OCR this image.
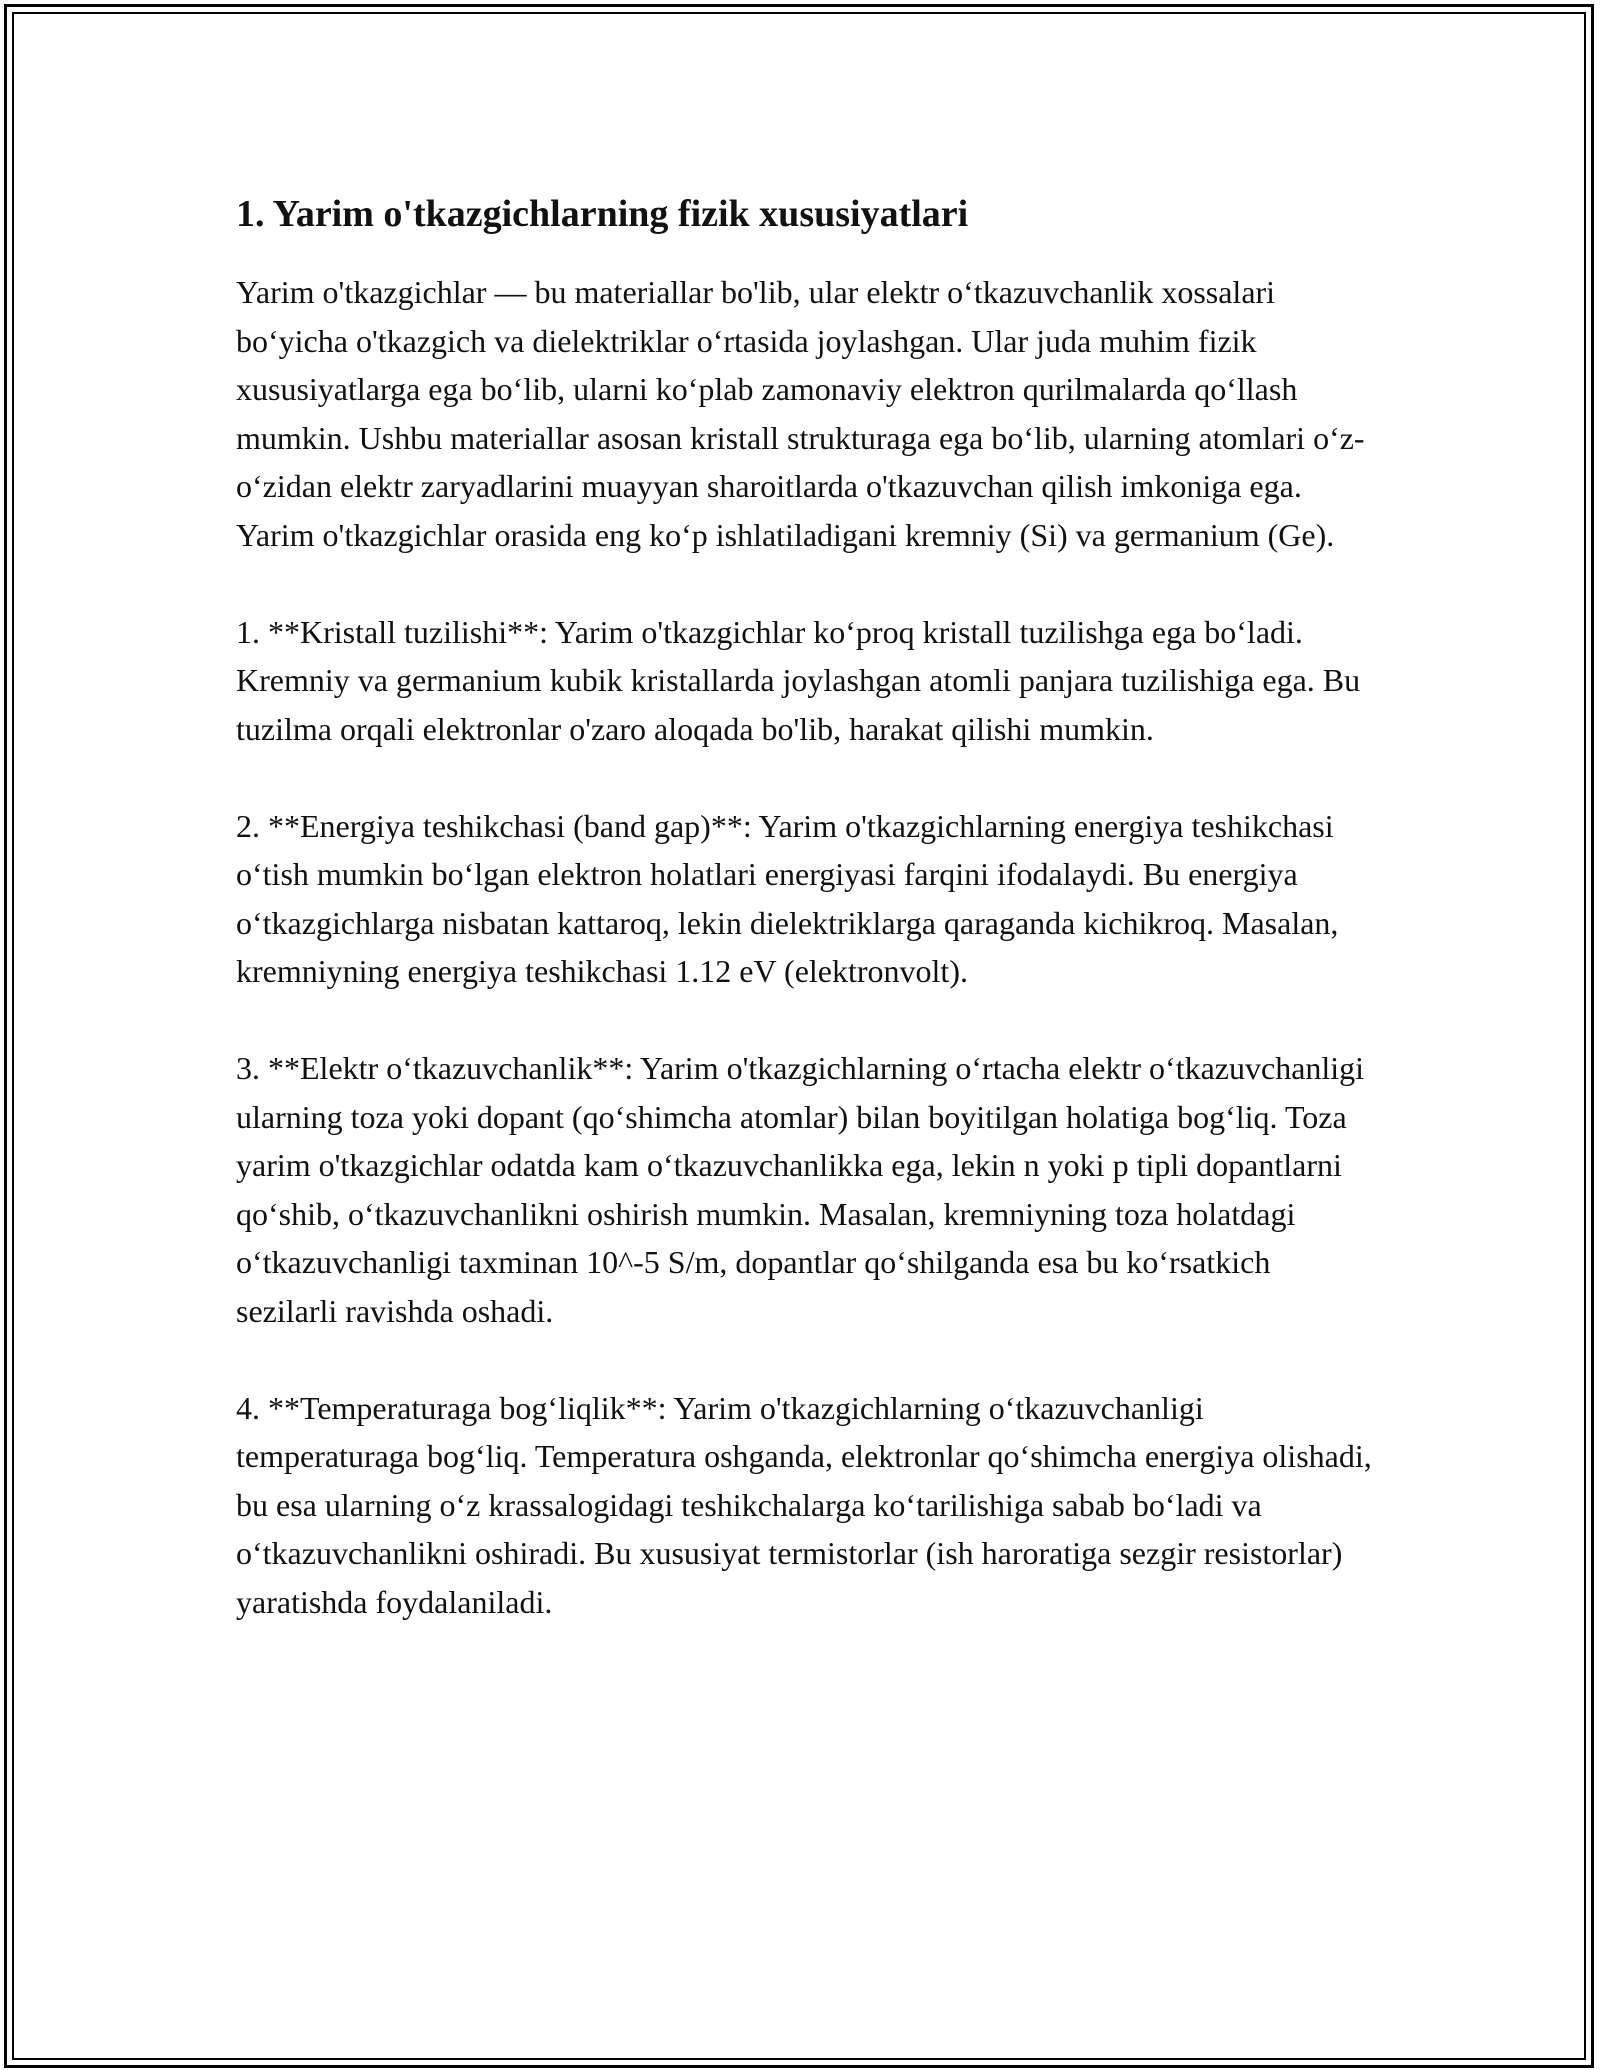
1. Yarim o'tkazgichlarning fizik xususiyatlari

Yarim o'tkazgichlar — bu materiallar bo'lib, ular elektr o‘tkazuvchanlik xossalari bo‘yicha o'tkazgich va dielektriklar o‘rtasida joylashgan. Ular juda muhim fizik xususiyatlarga ega bo‘lib, ularni ko‘plab zamonaviy elektron qurilmalarda qo‘llash mumkin. Ushbu materiallar asosan kristall strukturaga ega bo‘lib, ularning atomlari o‘z-o‘zidan elektr zaryadlarini muayyan sharoitlarda o'tkazuvchan qilish imkoniga ega. Yarim o'tkazgichlar orasida eng ko‘p ishlatiladigani kremniy (Si) va germanium (Ge).

1. **Kristall tuzilishi**: Yarim o'tkazgichlar ko‘proq kristall tuzilishga ega bo‘ladi. Kremniy va germanium kubik kristallarda joylashgan atomli panjara tuzilishiga ega. Bu tuzilma orqali elektronlar o'zaro aloqada bo'lib, harakat qilishi mumkin.

2. **Energiya teshikchasi (band gap)**: Yarim o'tkazgichlarning energiya teshikchasi o‘tish mumkin bo‘lgan elektron holatlari energiyasi farqini ifodalaydi. Bu energiya o‘tkazgichlarga nisbatan kattaroq, lekin dielektriklarga qaraganda kichikroq. Masalan, kremniyning energiya teshikchasi 1.12 eV (elektronvolt).

3. **Elektr o‘tkazuvchanlik**: Yarim o'tkazgichlarning o‘rtacha elektr o‘tkazuvchanligi ularning toza yoki dopant (qo‘shimcha atomlar) bilan boyitilgan holatiga bog‘liq. Toza yarim o'tkazgichlar odatda kam o‘tkazuvchanlikka ega, lekin n yoki p tipli dopantlarni qo‘shib, o‘tkazuvchanlikni oshirish mumkin. Masalan, kremniyning toza holatdagi o‘tkazuvchanligi taxminan 10^-5 S/m, dopantlar qo‘shilganda esa bu ko‘rsatkich sezilarli ravishda oshadi.

4. **Temperaturaga bog‘liqlik**: Yarim o'tkazgichlarning o‘tkazuvchanligi temperaturaga bog‘liq. Temperatura oshganda, elektronlar qo‘shimcha energiya olishadi, bu esa ularning o‘z krassalogidagi teshikchalarga ko‘tarilishiga sabab bo‘ladi va o‘tkazuvchanlikni oshiradi. Bu xususiyat termistorlar (ish haroratiga sezgir resistorlar) yaratishda foydalaniladi.
